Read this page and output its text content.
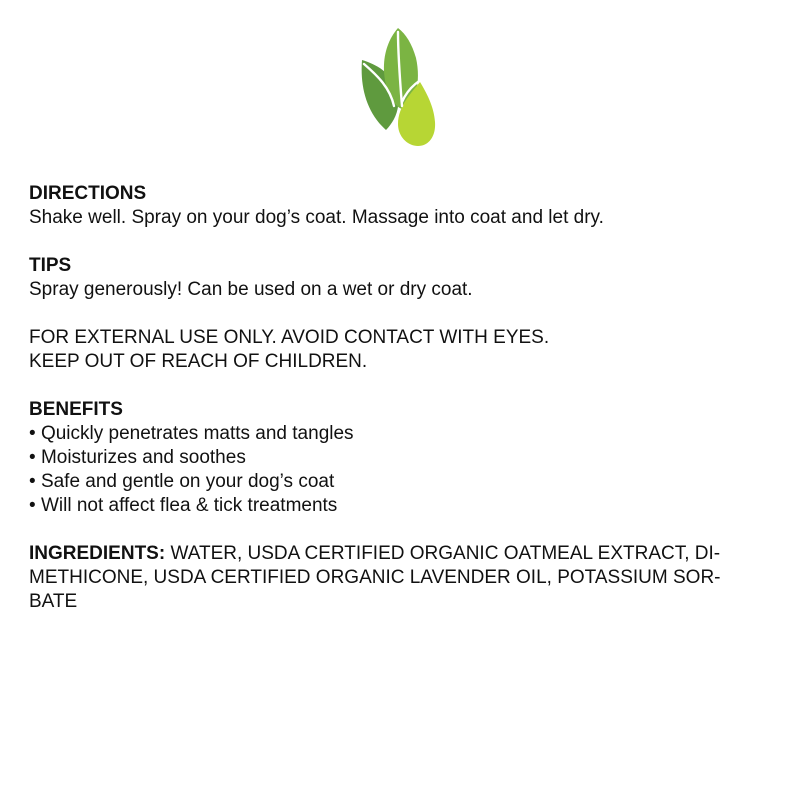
DIRECTIONS
Shake well. Spray on your dog’s coat. Massage into coat and let dry.
TIPS
Spray generously! Can be used on a wet or dry coat.
FOR EXTERNAL USE ONLY. AVOID CONTACT WITH EYES.
KEEP OUT OF REACH OF CHILDREN.
BENEFITS
• Quickly penetrates matts and tangles
• Moisturizes and soothes
• Safe and gentle on your dog’s coat
• Will not affect flea & tick treatments
INGREDIENTS: WATER, USDA CERTIFIED ORGANIC OATMEAL EXTRACT, DI-
METHICONE, USDA CERTIFIED ORGANIC LAVENDER OIL, POTASSIUM SOR-
BATE
